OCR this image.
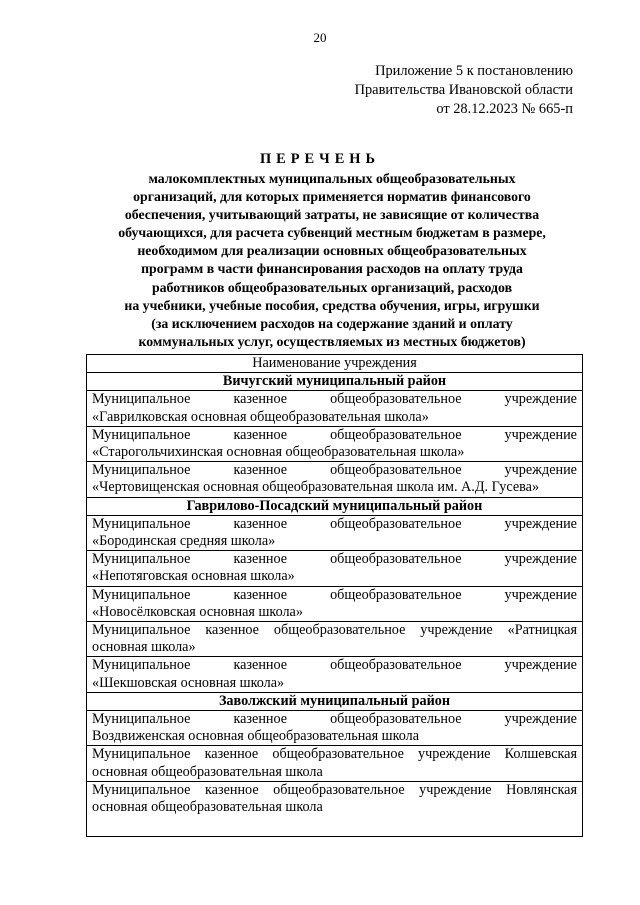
20
Приложение 5 к постановлению
Правительства Ивановской области
от 28.12.2023 № 665-п
ПЕРЕЧЕНЬ
малокомплектных муниципальных общеобразовательных
организаций, для которых применяется норматив финансового
обеспечения, учитывающий затраты, не зависящие от количества
обучающихся, для расчета субвенций местным бюджетам в размере,
необходимом для реализации основных общеобразовательных
программ в части финансирования расходов на оплату труда
работников общеобразовательных организаций, расходов
на учебники, учебные пособия, средства обучения, игры, игрушки
(за исключением расходов на содержание зданий и оплату
коммунальных услуг, осуществляемых из местных бюджетов)
Наименование учреждения
Вичугский муниципальный район

Муниципальное	казенное	общеобразовательное	учреждение
«Гаврилковская основная общеобразовательная школа»

Муниципальное	казенное	общеобразовательное	учреждение
«Старогольчихинская основная общеобразовательная школа»

Муниципальное	казенное	общеобразовательное	учреждение
«Чертовищенская основная общеобразовательная школа им. А.Д. Гусева»

Гаврилово-Посадский муниципальный район

Муниципальное	казенное	общеобразовательное	учреждение
«Бородинская средняя школа»

Муниципальное	казенное	общеобразовательное	учреждение
«Непотяговская основная школа»

Муниципальное	казенное	общеобразовательное	учреждение
«Новосёлковская основная школа»

Муниципальное казенное общеобразовательное учреждение «Ратницкая
основная школа»

Муниципальное	казенное	общеобразовательное	учреждение
«Шекшовская основная школа»

Заволжский муниципальный район

Муниципальное	казенное	общеобразовательное	учреждение
Воздвиженская основная общеобразовательная школа

Муниципальное казенное общеобразовательное учреждение Колшевская
основная общеобразовательная школа

Муниципальное казенное общеобразовательное учреждение Новлянская
основная общеобразовательная школа
